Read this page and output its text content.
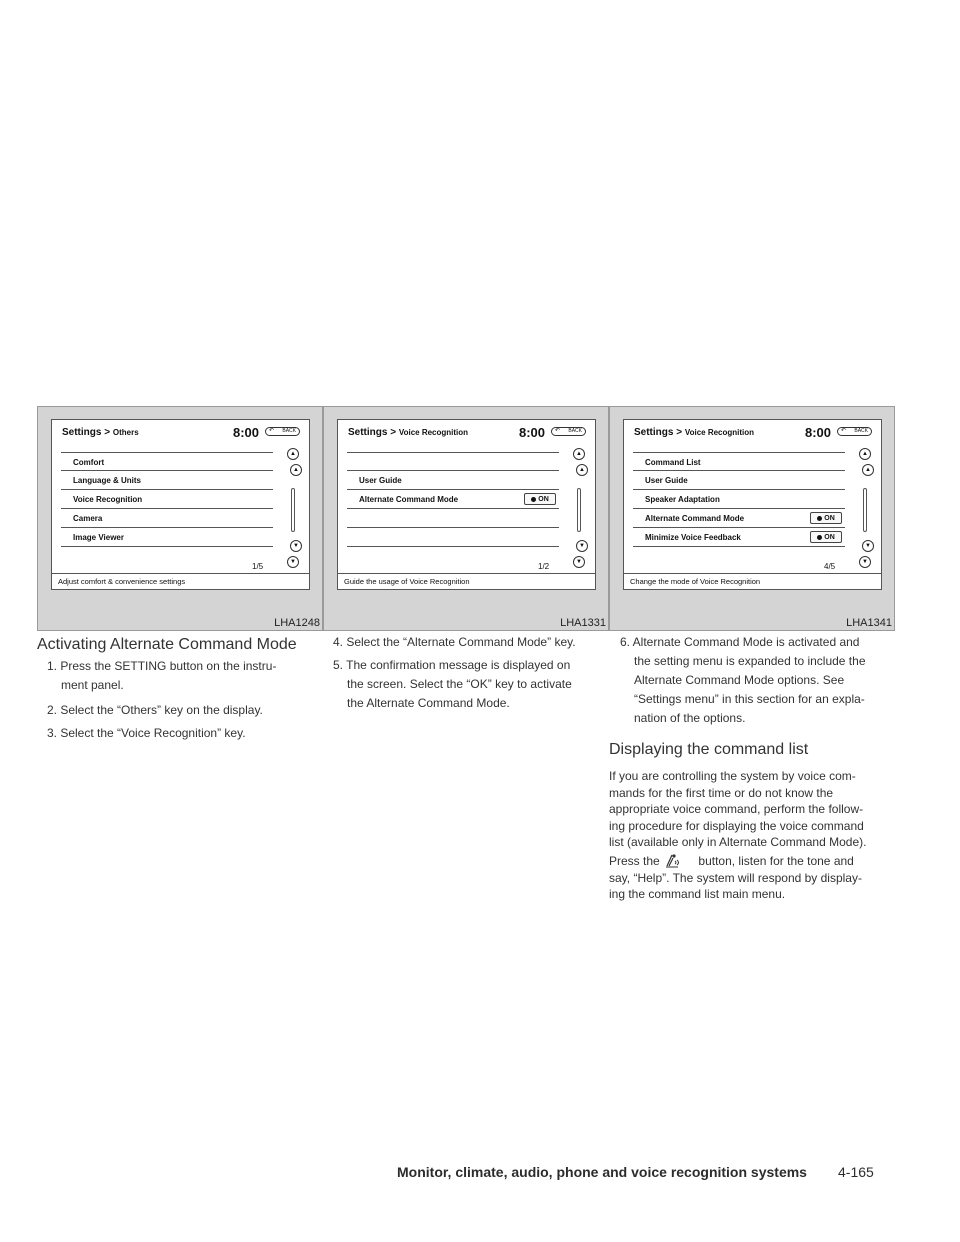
Settings > Others	8:00 ↶ BACK
Comfort
Language & Units
Voice Recognition
Camera
Image Viewer
▲
▲
▼
▼
1/5
Adjust comfort & convenience settings
LHA1248
Settings > Voice Recognition	8:00 ↶ BACK
User Guide
Alternate Command Mode	ON
▲
▲
▼
▼
1/2
Guide the usage of Voice Recognition
LHA1331
Settings > Voice Recognition	8:00 ↶ BACK
Command List
User Guide
Speaker Adaptation
Alternate Command Mode	ON
Minimize Voice Feedback	ON
▲
▲
▼
▼
4/5
Change the mode of Voice Recognition
LHA1341
Activating Alternate Command Mode
1. Press the SETTING button on the instru-
ment panel.
2. Select the “Others” key on the display.
3. Select the “Voice Recognition” key.
4. Select the “Alternate Command Mode” key.
5. The confirmation message is displayed on
the screen. Select the “OK” key to activate
the Alternate Command Mode.
6. Alternate Command Mode is activated and
the setting menu is expanded to include the
Alternate Command Mode options. See
“Settings menu” in this section for an expla-
nation of the options.
Displaying the command list
If you are controlling the system by voice com-
mands for the first time or do not know the
appropriate voice command, perform the follow-
ing procedure for displaying the voice command
list (available only in Alternate Command Mode).
Press the	button, listen for the tone and
say, “Help”. The system will respond by display-
ing the command list main menu.
Monitor, climate, audio, phone and voice recognition systems 4-165
